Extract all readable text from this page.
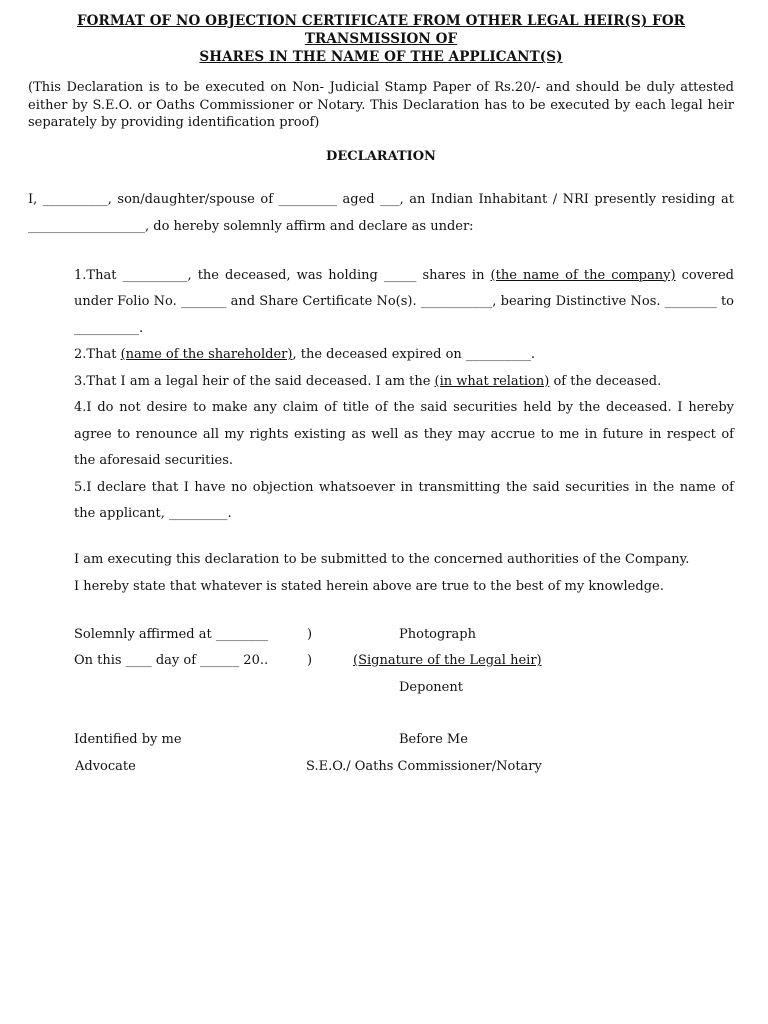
FORMAT OF NO OBJECTION CERTIFICATE FROM OTHER LEGAL HEIR(S) FOR TRANSMISSION OF
SHARES IN THE NAME OF THE APPLICANT(S)

(This Declaration is to be executed on Non- Judicial Stamp Paper of Rs.20/- and should be duly attested either by S.E.O. or Oaths Commissioner or Notary. This Declaration has to be executed by each legal heir separately by providing identification proof)

DECLARATION

I, __________, son/daughter/spouse of _________ aged ___, an Indian Inhabitant / NRI presently residing at __________________, do hereby solemnly affirm and declare as under:

1.That __________, the deceased, was holding _____ shares in (the name of the company) covered under Folio No. _______ and Share Certificate No(s). ___________, bearing Distinctive Nos. ________ to __________.

2.That (name of the shareholder), the deceased expired on __________.

3.That I am a legal heir of the said deceased. I am the (in what relation) of the deceased.

4.I do not desire to make any claim of title of the said securities held by the deceased. I hereby agree to renounce all my rights existing as well as they may accrue to me in future in respect of the aforesaid securities.

5.I declare that I have no objection whatsoever in transmitting the said securities in the name of the applicant, _________.

I am executing this declaration to be submitted to the concerned authorities of the Company.

I hereby state that whatever is stated herein above are true to the best of my knowledge.

Solemnly affirmed at ________	)	Photograph
On this ____ day of ______ 20..	)	(Signature of the Legal heir)
Deponent
Identified by me	Before Me
Advocate	S.E.O./ Oaths Commissioner/Notary
